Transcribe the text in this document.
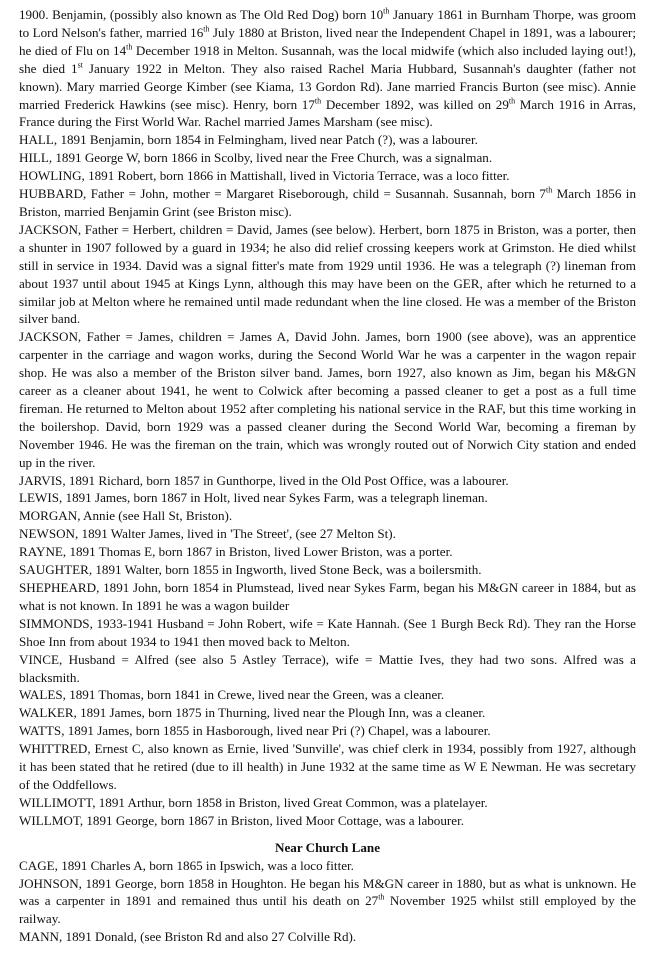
1900. Benjamin, (possibly also known as The Old Red Dog) born 10th January 1861 in Burnham Thorpe, was groom to Lord Nelson's father, married 16th July 1880 at Briston, lived near the Independent Chapel in 1891, was a labourer; he died of Flu on 14th December 1918 in Melton. Susannah, was the local midwife (which also included laying out!), she died 1st January 1922 in Melton. They also raised Rachel Maria Hubbard, Susannah's daughter (father not known). Mary married George Kimber (see Kiama, 13 Gordon Rd). Jane married Francis Burton (see misc). Annie married Frederick Hawkins (see misc). Henry, born 17th December 1892, was killed on 29th March 1916 in Arras, France during the First World War. Rachel married James Marsham (see misc).

HALL, 1891 Benjamin, born 1854 in Felmingham, lived near Patch (?), was a labourer.

HILL, 1891 George W, born 1866 in Scolby, lived near the Free Church, was a signalman.

HOWLING, 1891 Robert, born 1866 in Mattishall, lived in Victoria Terrace, was a loco fitter.

HUBBARD, Father = John, mother = Margaret Riseborough, child = Susannah. Susannah, born 7th March 1856 in Briston, married Benjamin Grint (see Briston misc).

JACKSON, Father = Herbert, children = David, James (see below). Herbert, born 1875 in Briston, was a porter, then a shunter in 1907 followed by a guard in 1934; he also did relief crossing keepers work at Grimston. He died whilst still in service in 1934. David was a signal fitter's mate from 1929 until 1936. He was a telegraph (?) lineman from about 1937 until about 1945 at Kings Lynn, although this may have been on the GER, after which he returned to a similar job at Melton where he remained until made redundant when the line closed. He was a member of the Briston silver band.

JACKSON, Father = James, children = James A, David John. James, born 1900 (see above), was an apprentice carpenter in the carriage and wagon works, during the Second World War he was a carpenter in the wagon repair shop. He was also a member of the Briston silver band. James, born 1927, also known as Jim, began his M&GN career as a cleaner about 1941, he went to Colwick after becoming a passed cleaner to get a post as a full time fireman. He returned to Melton about 1952 after completing his national service in the RAF, but this time working in the boilershop. David, born 1929 was a passed cleaner during the Second World War, becoming a fireman by November 1946. He was the fireman on the train, which was wrongly routed out of Norwich City station and ended up in the river.

JARVIS, 1891 Richard, born 1857 in Gunthorpe, lived in the Old Post Office, was a labourer.

LEWIS, 1891 James, born 1867 in Holt, lived near Sykes Farm, was a telegraph lineman.

MORGAN, Annie (see Hall St, Briston).

NEWSON, 1891 Walter James, lived in 'The Street', (see 27 Melton St).

RAYNE, 1891 Thomas E, born 1867 in Briston, lived Lower Briston, was a porter.

SAUGHTER, 1891 Walter, born 1855 in Ingworth, lived Stone Beck, was a boilersmith.

SHEPHEARD, 1891 John, born 1854 in Plumstead, lived near Sykes Farm, began his M&GN career in 1884, but as what is not known. In 1891 he was a wagon builder

SIMMONDS, 1933-1941 Husband = John Robert, wife = Kate Hannah. (See 1 Burgh Beck Rd). They ran the Horse Shoe Inn from about 1934 to 1941 then moved back to Melton.

VINCE, Husband = Alfred (see also 5 Astley Terrace), wife = Mattie Ives, they had two sons. Alfred was a blacksmith.

WALES, 1891 Thomas, born 1841 in Crewe, lived near the Green, was a cleaner.

WALKER, 1891 James, born 1875 in Thurning, lived near the Plough Inn, was a cleaner.

WATTS, 1891 James, born 1855 in Hasborough, lived near Pri (?) Chapel, was a labourer.

WHITTRED, Ernest C, also known as Ernie, lived 'Sunville', was chief clerk in 1934, possibly from 1927, although it has been stated that he retired (due to ill health) in June 1932 at the same time as W E Newman. He was secretary of the Oddfellows.

WILLIMOTT, 1891 Arthur, born 1858 in Briston, lived Great Common, was a platelayer.

WILLMOT, 1891 George, born 1867 in Briston, lived Moor Cottage, was a labourer.

Near Church Lane

CAGE, 1891 Charles A, born 1865 in Ipswich, was a loco fitter.

JOHNSON, 1891 George, born 1858 in Houghton. He began his M&GN career in 1880, but as what is unknown. He was a carpenter in 1891 and remained thus until his death on 27th November 1925 whilst still employed by the railway.

MANN, 1891 Donald, (see Briston Rd and also 27 Colville Rd).
